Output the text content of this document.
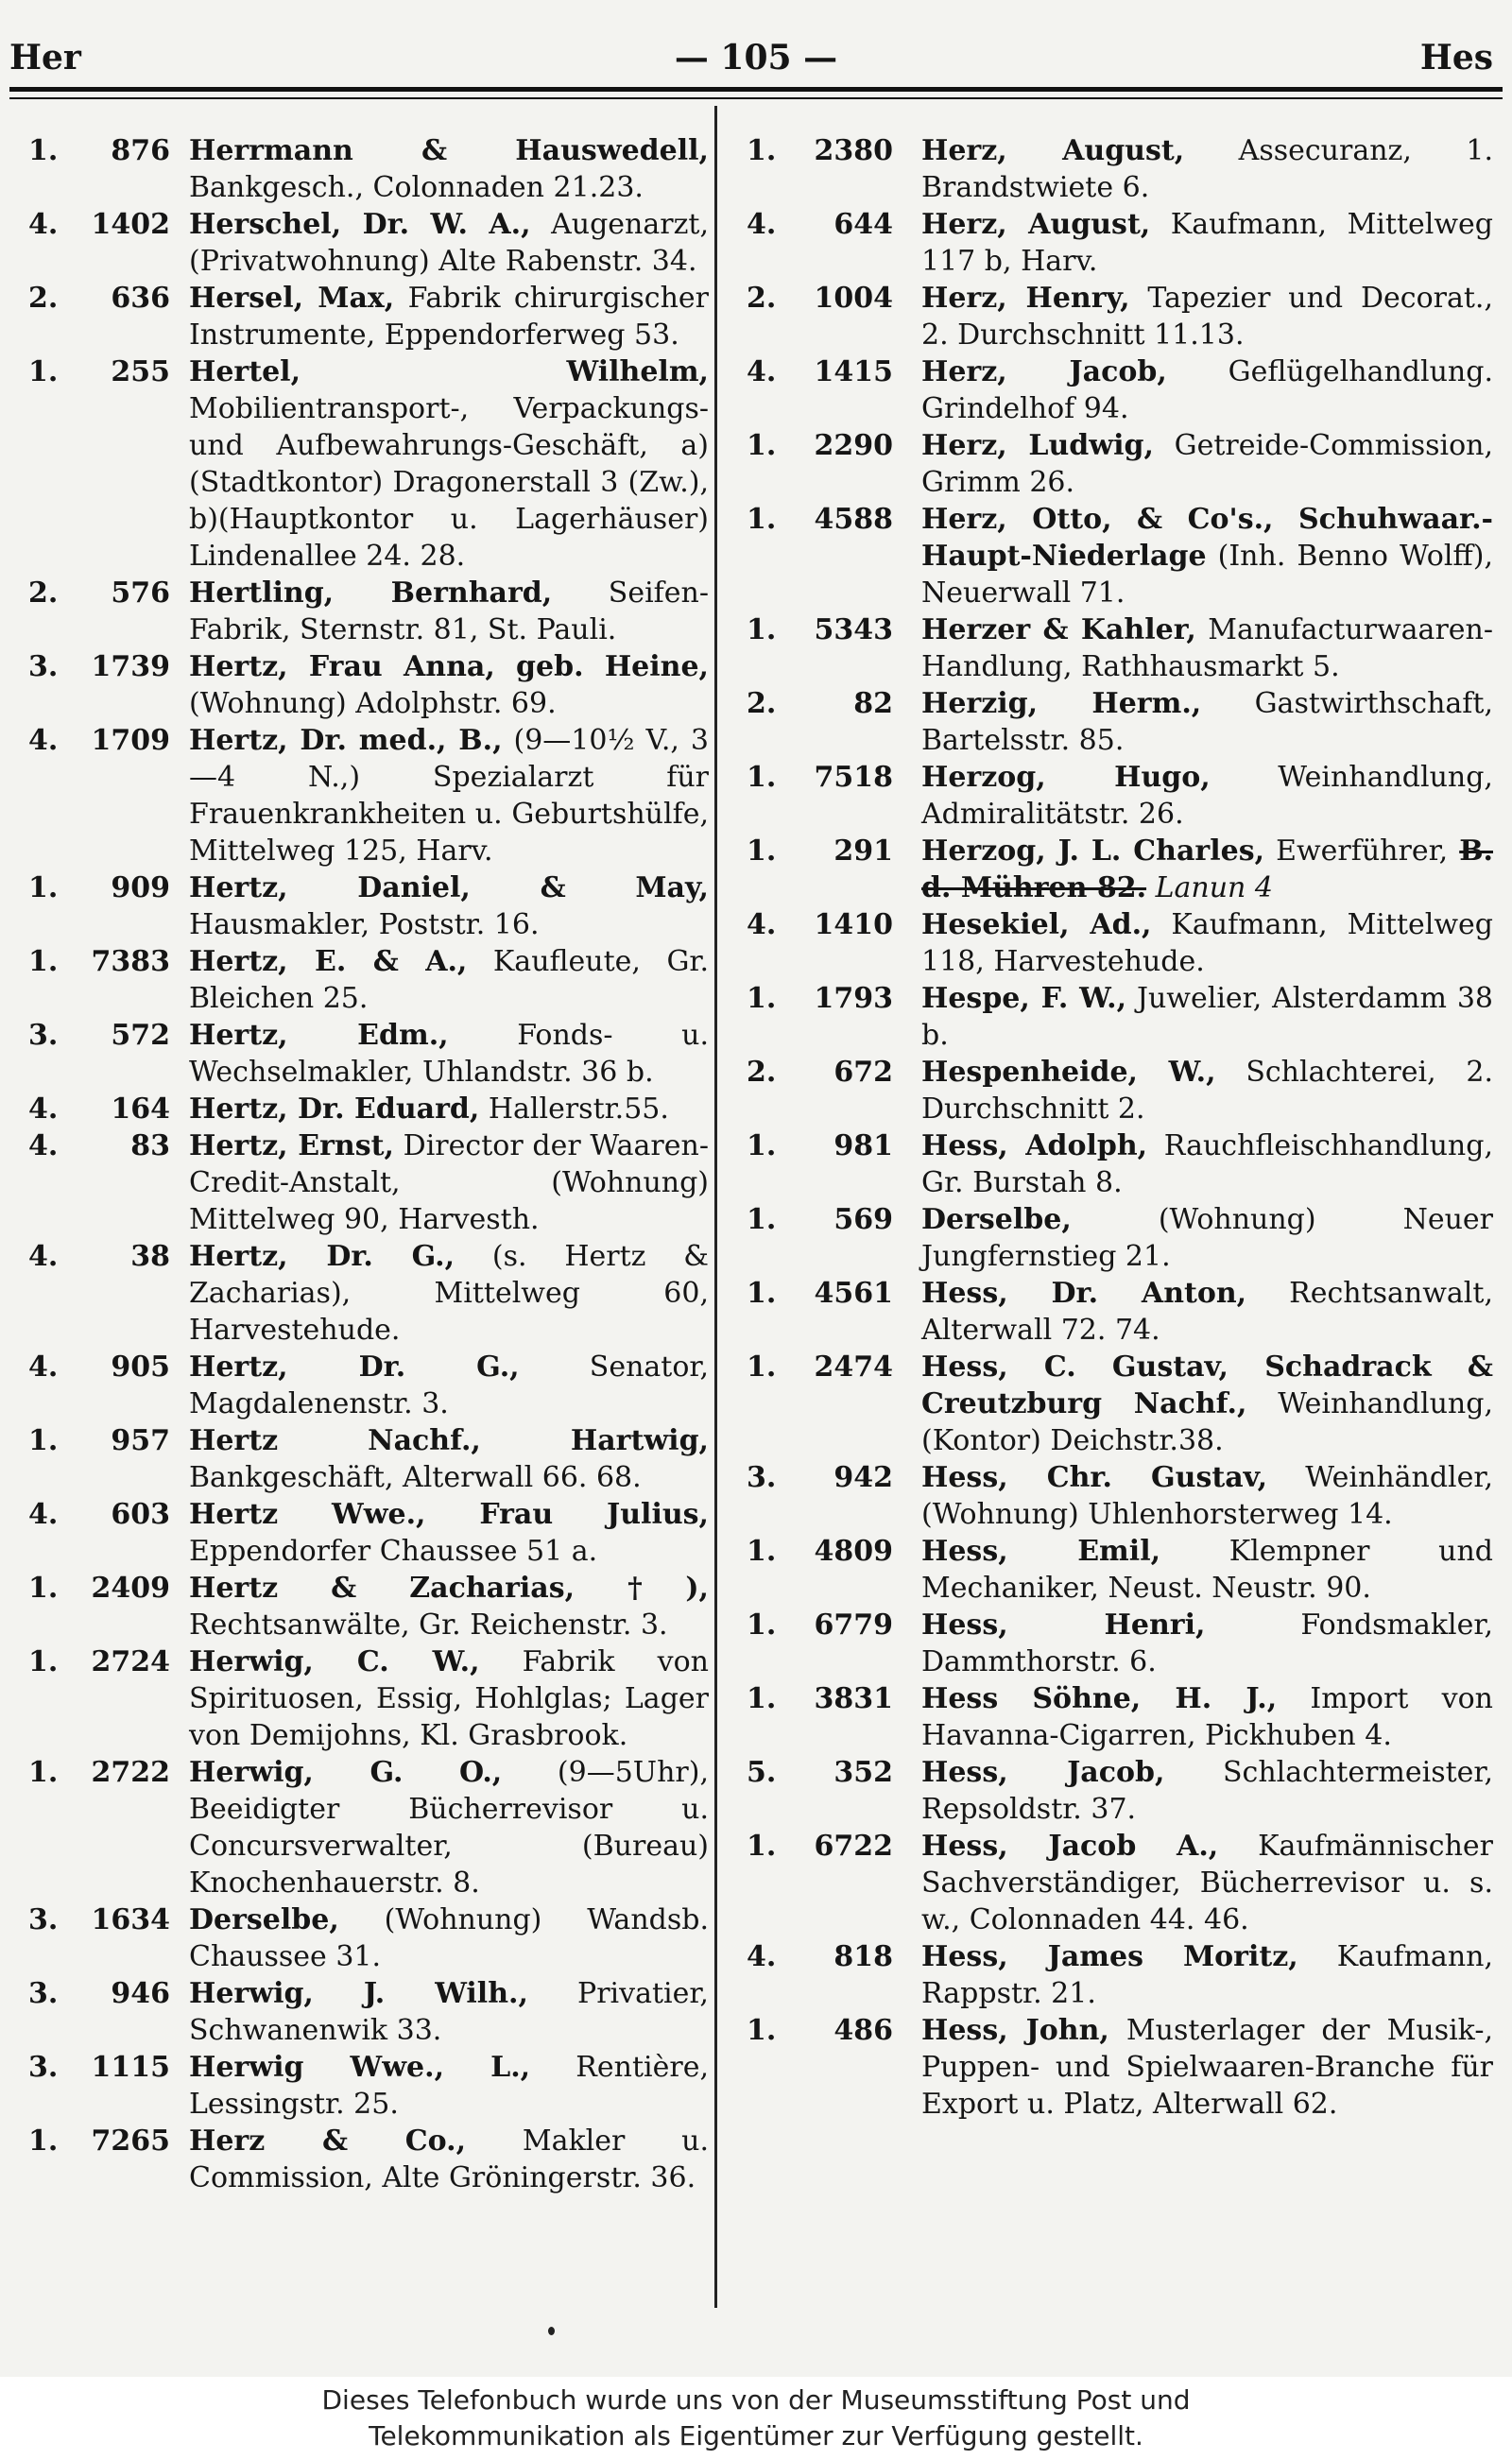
Her	— 105 —	Hes
1.	876 Herrmann & Hauswedell, Bankgesch., Colonnaden 21.23.
4.	1402 Herschel, Dr. W. A., Augenarzt, (Privatwohnung) Alte Rabenstr. 34.
2.	636 Hersel, Max, Fabrik chirurgischer Instrumente, Eppendorferweg 53.
1.	255 Hertel, Wilhelm, Mobilientransport-, Verpackungs- und Aufbewahrungs-Geschäft, a) (Stadtkontor) Dragonerstall 3 (Zw.), b)(Hauptkontor u. Lagerhäuser) Lindenallee 24. 28.
2.	576 Hertling, Bernhard, Seifen-Fabrik, Sternstr. 81, St. Pauli.
3.	1739 Hertz, Frau Anna, geb. Heine, (Wohnung) Adolphstr. 69.
4.	1709 Hertz, Dr. med., B., (9—10½ V., 3—4 N.,) Spezialarzt für Frauenkrankheiten u. Geburtshülfe, Mittelweg 125, Harv.
1.	909 Hertz, Daniel, & May, Hausmakler, Poststr. 16.
1.	7383 Hertz, E. & A., Kaufleute, Gr. Bleichen 25.
3.	572 Hertz, Edm., Fonds- u. Wechselmakler, Uhlandstr. 36 b.
4.	164 Hertz, Dr. Eduard, Hallerstr.55.
4.	83 Hertz, Ernst, Director der Waaren-Credit-Anstalt, (Wohnung) Mittelweg 90, Harvesth.
4.	38 Hertz, Dr. G., (s. Hertz & Zacharias), Mittelweg 60, Harvestehude.
4.	905 Hertz, Dr. G., Senator, Magdalenenstr. 3.
1.	957 Hertz Nachf., Hartwig, Bankgeschäft, Alterwall 66. 68.
4.	603 Hertz Wwe., Frau Julius, Eppendorfer Chaussee 51 a.
1.	2409 Hertz & Zacharias, †), Rechtsanwälte, Gr. Reichenstr. 3.
1.	2724 Herwig, C. W., Fabrik von Spirituosen, Essig, Hohlglas; Lager von Demijohns, Kl. Grasbrook.
1.	2722 Herwig, G. O., (9—5Uhr), Beeidigter Bücherrevisor u. Concursverwalter, (Bureau) Knochenhauerstr. 8.
3.	1634 Derselbe, (Wohnung) Wandsb. Chaussee 31.
3.	946 Herwig, J. Wilh., Privatier, Schwanenwik 33.
3.	1115 Herwig Wwe., L., Rentière, Lessingstr. 25.
1.	7265 Herz & Co., Makler u. Commission, Alte Gröningerstr. 36.
1.	2380	Herz, August, Assecuranz, 1. Brandstwiete 6.
4.	644	Herz, August, Kaufmann, Mittelweg 117 b, Harv.
2.	1004	Herz, Henry, Tapezier und Decorat., 2. Durchschnitt 11.13.
4.	1415	Herz, Jacob, Geflügelhandlung. Grindelhof 94.
1.	2290	Herz, Ludwig, Getreide-Commission, Grimm 26.
1.	4588	Herz, Otto, & Co's., Schuhwaar.-Haupt-Niederlage (Inh. Benno Wolff), Neuerwall 71.
1.	5343	Herzer & Kahler, Manufacturwaaren-Handlung, Rathhausmarkt 5.
2.	82	Herzig, Herm., Gastwirthschaft, Bartelsstr. 85.
1.	7518	Herzog, Hugo, Weinhandlung, Admiralitätstr. 26.
1.	291	Herzog, J. L. Charles, Ewerführer, B. d. Mühren 82. Lanun 4
4.	1410	Hesekiel, Ad., Kaufmann, Mittelweg 118, Harvestehude.
1.	1793	Hespe, F. W., Juwelier, Alsterdamm 38 b.
2.	672	Hespenheide, W., Schlachterei, 2. Durchschnitt 2.
1.	981	Hess, Adolph, Rauchfleischhandlung, Gr. Burstah 8.
1.	569	Derselbe,	(Wohnung) Neuer Jungfernstieg 21.
1.	4561	Hess, Dr. Anton, Rechtsanwalt, Alterwall 72. 74.
1.	2474	Hess, C. Gustav, Schadrack & Creutzburg Nachf., Weinhandlung,(Kontor) Deichstr.38.
3.	942	Hess, Chr. Gustav, Weinhändler, (Wohnung) Uhlenhorsterweg 14.
1.	4809	Hess, Emil, Klempner und Mechaniker, Neust. Neustr. 90.
1.	6779	Hess, Henri,	Fondsmakler, Dammthorstr. 6.
1.	3831	Hess Söhne, H. J., Import von Havanna-Cigarren, Pickhuben 4.
5.	352	Hess, Jacob, Schlachtermeister, Repsoldstr. 37.
1.	6722	Hess, Jacob A., Kaufmännischer Sachverständiger, Bücherrevisor u. s. w., Colonnaden 44. 46.
4.	818	Hess, James Moritz, Kaufmann, Rappstr. 21.
1.	486	Hess, John, Musterlager der Musik-, Puppen- und Spielwaaren-Branche für Export u. Platz, Alterwall 62.
Dieses Telefonbuch wurde uns von der Museumsstiftung Post und
Telekommunikation als Eigentümer zur Verfügung gestellt.
